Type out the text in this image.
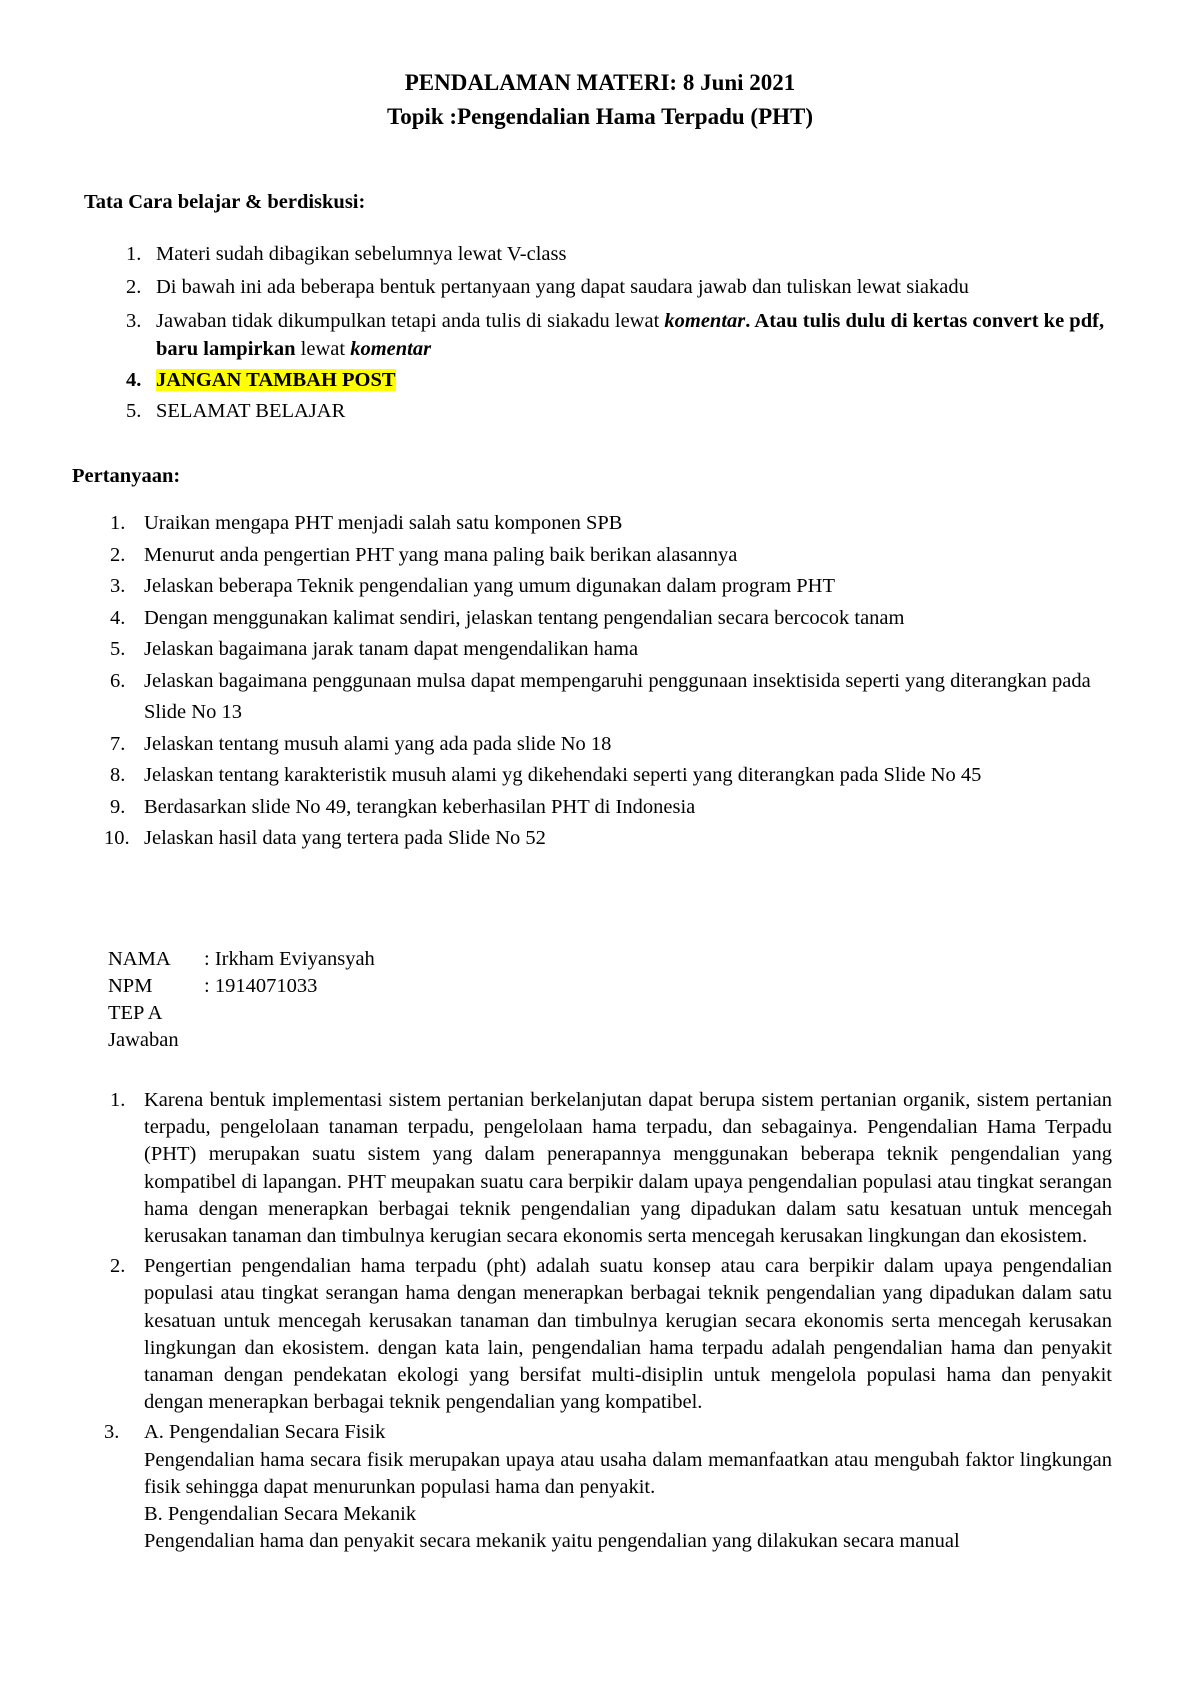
PENDALAMAN MATERI: 8 Juni 2021
Topik :Pengendalian Hama Terpadu (PHT)
Tata Cara belajar & berdiskusi:
1. Materi sudah dibagikan sebelumnya lewat V-class
2. Di bawah ini ada beberapa bentuk pertanyaan yang dapat saudara jawab dan tuliskan lewat siakadu
3. Jawaban tidak dikumpulkan tetapi anda tulis di siakadu lewat komentar. Atau tulis dulu di kertas convert ke pdf, baru lampirkan lewat komentar
4. JANGAN TAMBAH POST
5. SELAMAT BELAJAR
Pertanyaan:
1. Uraikan mengapa PHT menjadi salah satu komponen SPB
2. Menurut anda pengertian PHT yang mana paling baik berikan alasannya
3. Jelaskan beberapa Teknik pengendalian yang umum digunakan dalam program PHT
4. Dengan menggunakan kalimat sendiri, jelaskan tentang pengendalian secara bercocok tanam
5. Jelaskan bagaimana jarak tanam dapat mengendalikan hama
6. Jelaskan bagaimana penggunaan mulsa dapat mempengaruhi penggunaan insektisida seperti yang diterangkan pada Slide No 13
7. Jelaskan tentang musuh alami yang ada pada slide No 18
8. Jelaskan tentang karakteristik musuh alami yg dikehendaki seperti yang diterangkan pada Slide No 45
9. Berdasarkan slide No 49, terangkan keberhasilan PHT di Indonesia
10. Jelaskan hasil data yang tertera pada Slide No 52
NAMA	: Irkham Eviyansyah
NPM	: 1914071033
TEP A
Jawaban
1. Karena bentuk implementasi sistem pertanian berkelanjutan dapat berupa sistem pertanian organik, sistem pertanian terpadu, pengelolaan tanaman terpadu, pengelolaan hama terpadu, dan sebagainya. Pengendalian Hama Terpadu (PHT) merupakan suatu sistem yang dalam penerapannya menggunakan beberapa teknik pengendalian yang kompatibel di lapangan. PHT meupakan suatu cara berpikir dalam upaya pengendalian populasi atau tingkat serangan hama dengan menerapkan berbagai teknik pengendalian yang dipadukan dalam satu kesatuan untuk mencegah kerusakan tanaman dan timbulnya kerugian secara ekonomis serta mencegah kerusakan lingkungan dan ekosistem.
2. Pengertian pengendalian hama terpadu (pht) adalah suatu konsep atau cara berpikir dalam upaya pengendalian populasi atau tingkat serangan hama dengan menerapkan berbagai teknik pengendalian yang dipadukan dalam satu kesatuan untuk mencegah kerusakan tanaman dan timbulnya kerugian secara ekonomis serta mencegah kerusakan lingkungan dan ekosistem. dengan kata lain, pengendalian hama terpadu adalah pengendalian hama dan penyakit tanaman dengan pendekatan ekologi yang bersifat multi-disiplin untuk mengelola populasi hama dan penyakit dengan menerapkan berbagai teknik pengendalian yang kompatibel.
3. A. Pengendalian Secara Fisik

Pengendalian hama secara fisik merupakan upaya atau usaha dalam memanfaatkan atau mengubah faktor lingkungan fisik sehingga dapat menurunkan populasi hama dan penyakit.

B. Pengendalian Secara Mekanik

Pengendalian hama dan penyakit secara mekanik yaitu pengendalian yang dilakukan secara manual
